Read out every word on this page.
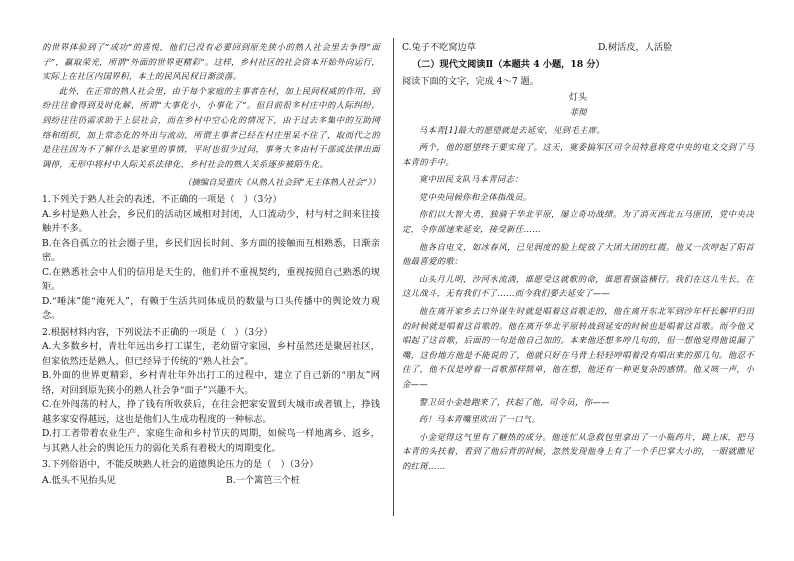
的世界体验到了“成功”的喜悦，他们已没有必要回到原先狭小的熟人社会里去争得“面子”，赢取荣光，所谓“外面的世界更精彩”。这样，乡村社区的社会资本开始外向运行，实际上在社区内国界积，本土的民风民权日渐淡落。

此外，在正常的熟人社会里，由于每个家庭的主事者在村，加上民间权威的作用，到纷往往會得到及时化解，所谓“大事化小，小事化了”。但目前很多村庄中的人际纠纷，到纷往往仍需求助于上层社会，而在乡村中空心化的情况下，由于过去多集中的互助网络和组织，加上常态化的外出与流动，所谓主事者已经在村庄里呆不住了，取而代之的是往往因为不了解什么是家里的事情，平时也很少过问，事务大多由村干部或法律出面调停，无形中将村中人际关系法律化，乡村社会的熟人关系逐步被陌生化。

（摘编自吴重庆《从熟人社会到“无主体熟人社会”》）

1.下列关于熟人社会的表述，不正确的一项是（　）（3分）

A.乡村是熟人社会，乡民们的活动区域相对封闭，人口流动少，村与村之间来往接触并不多。

B.在各自孤立的社会圈子里，乡民们因长时间、多方面的接触而互相熟悉，日渐亲密。

C.在熟悉社会中人们的信用是天生的，他们并不重视契约，重视按照自己熟悉的规矩。

D.“唾沫”能“淹死人”，有赖于生活共同体成员的数量与口头传播中的舆论效力观念。

2.根据材料内容，下列说法不正确的一项是（　）（3分）

A.大多数乡村，青壮年远出乡打工谋生，老幼留守家园，乡村虽然还是聚居社区，但家依然还是熟人，但已经异于传统的“熟人社会”。

B.外面的世界更精彩，乡村青壮年外出打工的过程中，建立了自己新的“朋友”网络，对回到原先狭小的熟人社会争“面子”兴趣不大。

C.在外闯荡的村人，挣了钱有所收获后，在往会把家安置到大城市或者镇上，挣钱越多家安得越远，这也是他们人生成功程度的一种标志。

D.打工者带着农业生产、家庭生命和乡村节庆的周期，如候鸟一样地离乡、返乡，与其熟人社会的舆论压力的弱化关系有着极大的周期变化。

3.下列俗语中，不能反映熟人社会的道德舆论压力的是（　）（3分）

A.低头不见抬头见	B.一个篱笆三个桩
C.兔子不吃窝边草	D.树活皮，人活脸

（二）现代文阅读Ⅱ（本题共 4 小题，18 分）

阅读下面的文字，完成 4～7 题。

灯头

菲彻

马本青[1]最大的愿望就是去延安，见到毛主席。

两个，他的愿望终于要实现了。这天，寞委搞军区司令员特意将党中央的电文交到了马本青的手中。

寞中田民支队马本青同志：

党中央同候你和全体指战员。

你们以大智大勇，独骑于华北平原，屡立奇功战绩。为了消灭西北五马匪团，党中央决定，令你部速来延安，接受新任……

他各自电文，如冰春风，已见润度的脸上绽放了大团大团的红霞。他又一次哼起了阳首他最喜爱的歌：

山头月儿明，沙河水流淌，谁愿受这就歌的命，谁愿看强盗横行。我们在这儿生长，在这儿战斗，无有我们不了……而今我们要去延安了——

他在离开家乡去口外谋生时就是唱着这首歌走的，他在离开东北军到沙年杆长解甲归田的时候就是唱着这首歌的。他在离开华北平原转战到延安的时候也是唱着这首歌。而今他又唱起了这首歌，后面的一句是他自己加的。本来他还想多哼几句的，但一想他觉得他说漏了嘴，这份地方他是不能说的了，他就只好在马背上轻轻哼唱着没有唱出来的那几句。他忍不住了，他不仅是哼着一首歌那样简单，他在想，他还有一种更复杂的感情。他又咳一声，小金——

警卫员小金趁跑来了，扶起了他，司令员，你——

药！马本青嘴里吹出了一口气。

小金觉得这气里有了糖热的成分。他连忙从急救包里拿出了一小瓶药片，跳上床，把马本青的头扶着，看到了他后背的时候，忽然发现他身上有了一个手巴掌大小的，一眼就瞧见的红斑……
